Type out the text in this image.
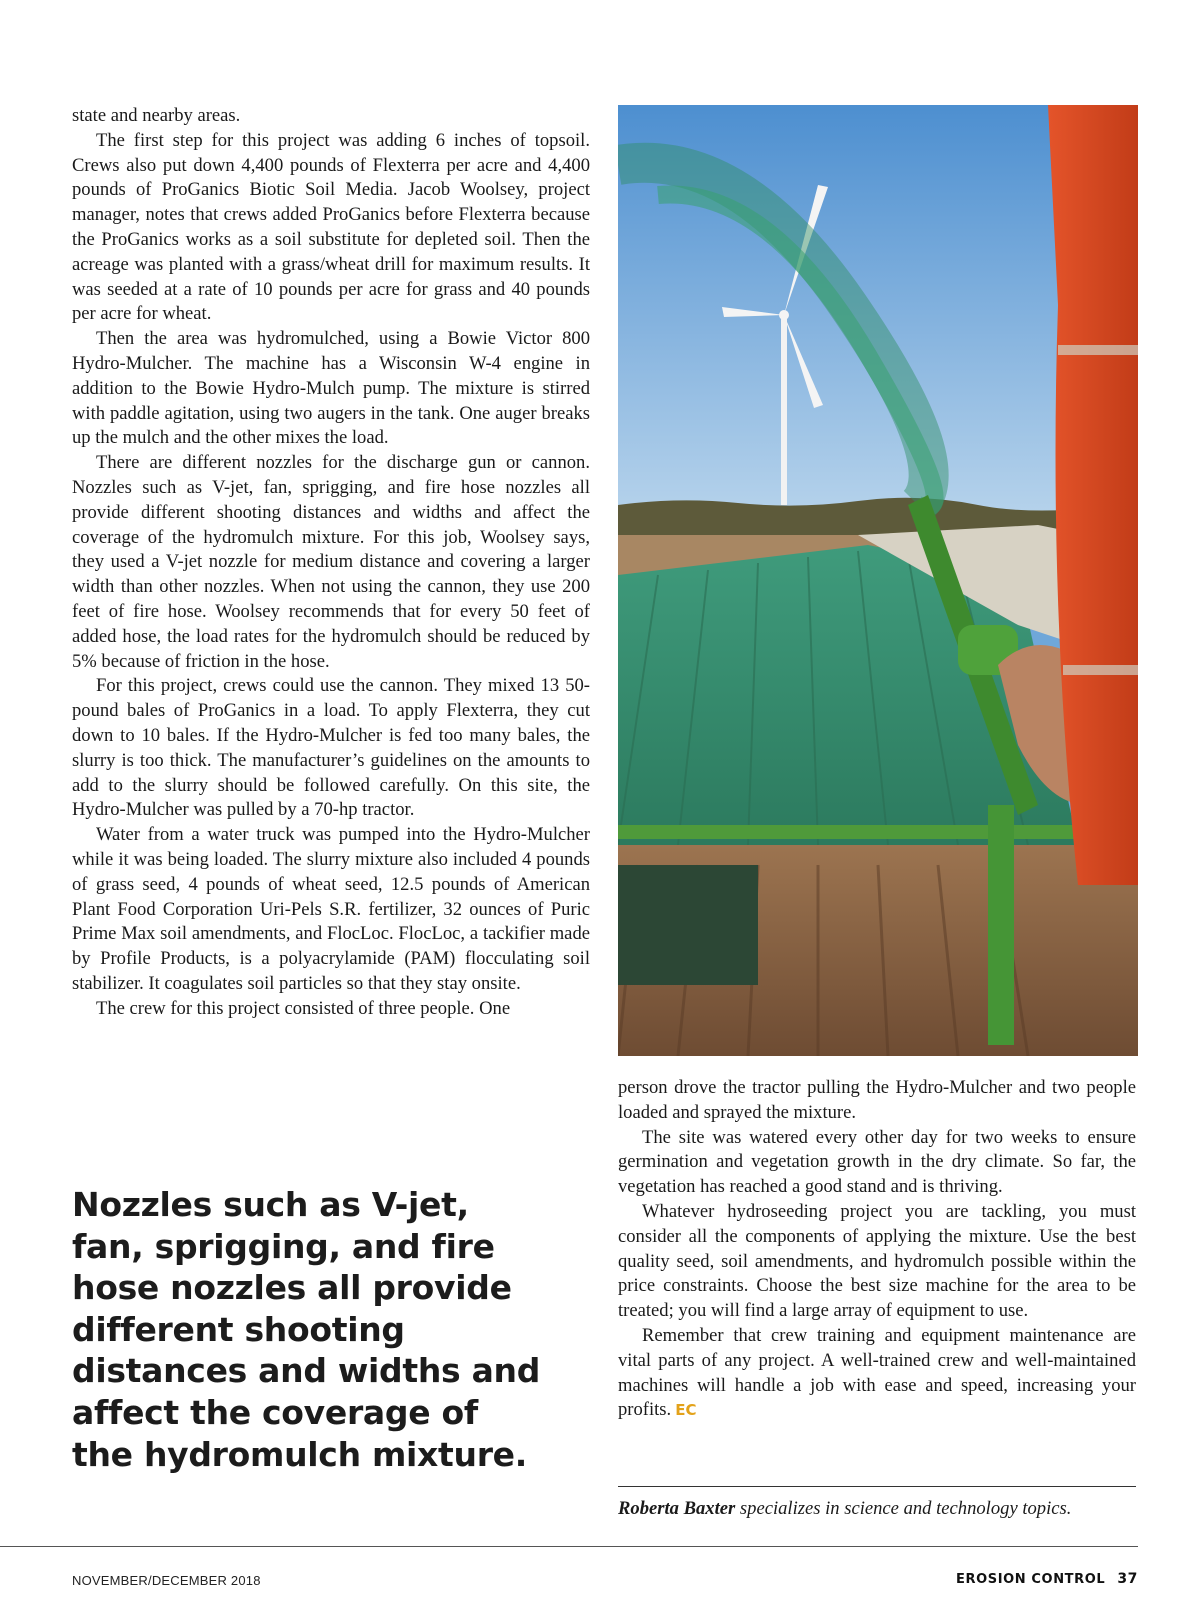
state and nearby areas.

The first step for this project was adding 6 inches of topsoil. Crews also put down 4,400 pounds of Flexterra per acre and 4,400 pounds of ProGanics Biotic Soil Media. Jacob Woolsey, project manager, notes that crews added ProGanics before Flexterra because the ProGanics works as a soil substitute for depleted soil. Then the acreage was planted with a grass/wheat drill for maximum results. It was seeded at a rate of 10 pounds per acre for grass and 40 pounds per acre for wheat.

Then the area was hydromulched, using a Bowie Victor 800 Hydro-Mulcher. The machine has a Wisconsin W-4 engine in addition to the Bowie Hydro-Mulch pump. The mixture is stirred with paddle agitation, using two augers in the tank. One auger breaks up the mulch and the other mixes the load.

There are different nozzles for the discharge gun or cannon. Nozzles such as V-jet, fan, sprigging, and fire hose nozzles all provide different shooting distances and widths and affect the coverage of the hydromulch mixture. For this job, Woolsey says, they used a V-jet nozzle for medium distance and covering a larger width than other nozzles. When not using the cannon, they use 200 feet of fire hose. Woolsey recommends that for every 50 feet of added hose, the load rates for the hydromulch should be reduced by 5% because of friction in the hose.

For this project, crews could use the cannon. They mixed 13 50-pound bales of ProGanics in a load. To apply Flexterra, they cut down to 10 bales. If the Hydro-Mulcher is fed too many bales, the slurry is too thick. The manufacturer’s guidelines on the amounts to add to the slurry should be followed carefully. On this site, the Hydro-Mulcher was pulled by a 70-hp tractor.

Water from a water truck was pumped into the Hydro-Mulcher while it was being loaded. The slurry mixture also included 4 pounds of grass seed, 4 pounds of wheat seed, 12.5 pounds of American Plant Food Corporation Uri-Pels S.R. fertilizer, 32 ounces of Puric Prime Max soil amendments, and FlocLoc. FlocLoc, a tackifier made by Profile Products, is a polyacrylamide (PAM) flocculating soil stabilizer. It coagulates soil particles so that they stay onsite.

The crew for this project consisted of three people. One

Nozzles such as V-jet, fan, sprigging, and fire hose nozzles all provide different shooting distances and widths and affect the coverage of the hydromulch mixture.

person drove the tractor pulling the Hydro-Mulcher and two people loaded and sprayed the mixture.

The site was watered every other day for two weeks to ensure germination and vegetation growth in the dry climate. So far, the vegetation has reached a good stand and is thriving.

Whatever hydroseeding project you are tackling, you must consider all the components of applying the mixture. Use the best quality seed, soil amendments, and hydromulch possible within the price constraints. Choose the best size machine for the area to be treated; you will find a large array of equipment to use.

Remember that crew training and equipment maintenance are vital parts of any project. A well-trained crew and well-maintained machines will handle a job with ease and speed, increasing your profits. EC

Roberta Baxter specializes in science and technology topics.
NOVEMBER/DECEMBER 2018	EROSION CONTROL 37
